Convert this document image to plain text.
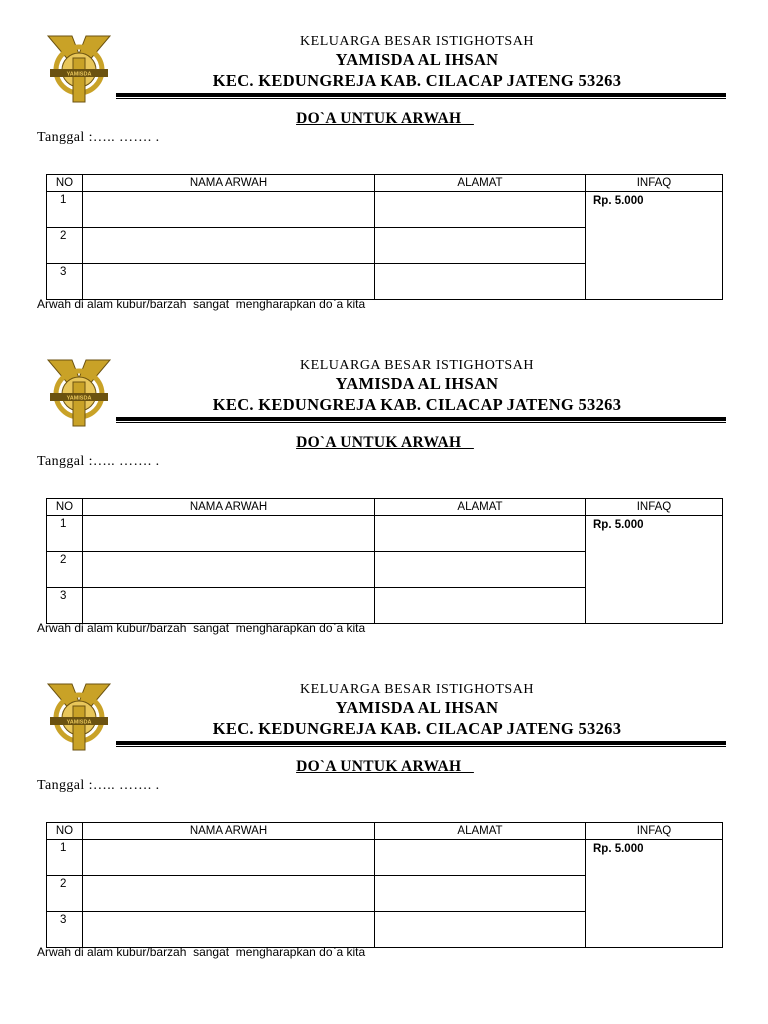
YAMISDA
KELUARGA BESAR ISTIGHOTSAH
YAMISDA AL IHSAN
KEC. KEDUNGREJA KAB. CILACAP JATENG 53263
DO`A UNTUK ARWAH
Tanggal :….. ……. .
NO	NAMA ARWAH	ALAMAT	INFAQ
1			Rp. 5.000
2			
3			
Arwah di alam kubur/barzah  sangat  mengharapkan do`a kita
YAMISDA
KELUARGA BESAR ISTIGHOTSAH
YAMISDA AL IHSAN
KEC. KEDUNGREJA KAB. CILACAP JATENG 53263
DO`A UNTUK ARWAH
Tanggal :….. ……. .
NO	NAMA ARWAH	ALAMAT	INFAQ
1			Rp. 5.000
2			
3			
Arwah di alam kubur/barzah  sangat  mengharapkan do`a kita
YAMISDA
KELUARGA BESAR ISTIGHOTSAH
YAMISDA AL IHSAN
KEC. KEDUNGREJA KAB. CILACAP JATENG 53263
DO`A UNTUK ARWAH
Tanggal :….. ……. .
NO	NAMA ARWAH	ALAMAT	INFAQ
1			Rp. 5.000
2			
3			
Arwah di alam kubur/barzah  sangat  mengharapkan do`a kita
